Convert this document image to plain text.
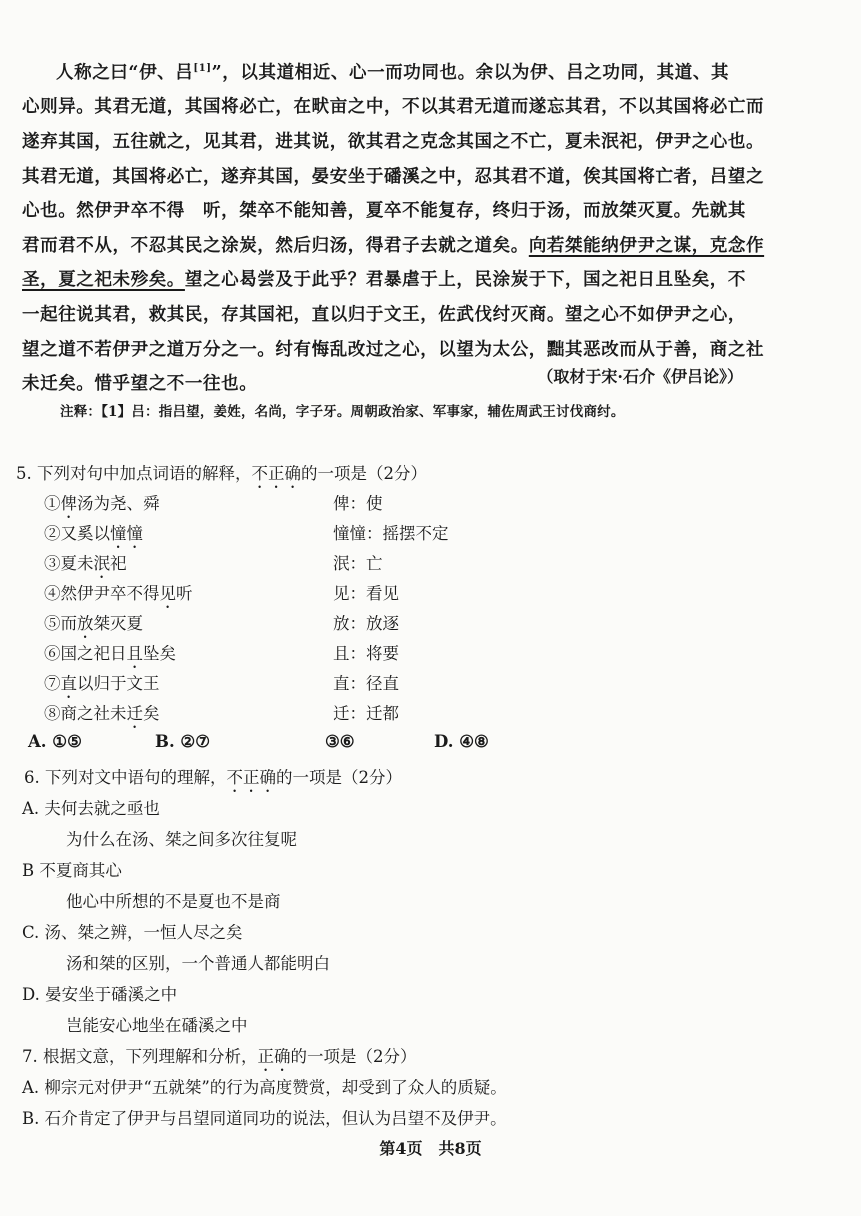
人称之曰“伊、吕[1]”，以其道相近、心一而功同也。余以为伊、吕之功同，其道、其

心则异。其君无道，其国将必亡，在畎亩之中，不以其君无道而遂忘其君，不以其国将必亡而

遂弃其国，五往就之，见其君，进其说，欲其君之克念其国之不亡，夏未泯祀，伊尹之心也。

其君无道，其国将必亡，遂弃其国，晏安坐于磻溪之中，忍其君不道，俟其国将亡者，吕望之

心也。然伊尹卒不得　听，桀卒不能知善，夏卒不能复存，终归于汤，而放桀灭夏。先就其

君而君不从，不忍其民之涂炭，然后归汤，得君子去就之道矣。向若桀能纳伊尹之谋，克念作

圣，夏之祀未殄矣。望之心曷尝及于此乎？君暴虐于上，民涂炭于下，国之祀日且坠矣，不

一起往说其君，救其民，存其国祀，直以归于文王，佐武伐纣灭商。望之心不如伊尹之心，

望之道不若伊尹之道万分之一。纣有悔乱改过之心，以望为太公，黜其恶改而从于善，商之社

未迁矣。惜乎望之不一往也。	（取材于宋·石介《伊吕论》）
注释：【1】吕：指吕望，姜姓，名尚，字子牙。周朝政治家、军事家，辅佐周武王讨伐商纣。
5. 下列对句中加点词语的解释，不正确的一项是（2分）
①俾汤为尧、舜	俾：使
②又奚以憧憧	憧憧：摇摆不定
③夏未泯祀	泯：亡
④然伊尹卒不得见听	见：看见
⑤而放桀灭夏	放：放逐
⑥国之祀日且坠矣	且：将要
⑦直以归于文王	直：径直
⑧商之社未迁矣	迁：迁都
A. ①⑤	B. ②⑦	③⑥	D. ④⑧
6. 下列对文中语句的理解，不正确的一项是（2分）
A. 夫何去就之亟也
为什么在汤、桀之间多次往复呢
B 不夏商其心
他心中所想的不是夏也不是商
C. 汤、桀之辨，一恒人尽之矣
汤和桀的区别，一个普通人都能明白
D. 晏安坐于磻溪之中
岂能安心地坐在磻溪之中
7. 根据文意，下列理解和分析，正确的一项是（2分）
A. 柳宗元对伊尹“五就桀”的行为高度赞赏，却受到了众人的质疑。
B. 石介肯定了伊尹与吕望同道同功的说法，但认为吕望不及伊尹。
第4页　共8页
